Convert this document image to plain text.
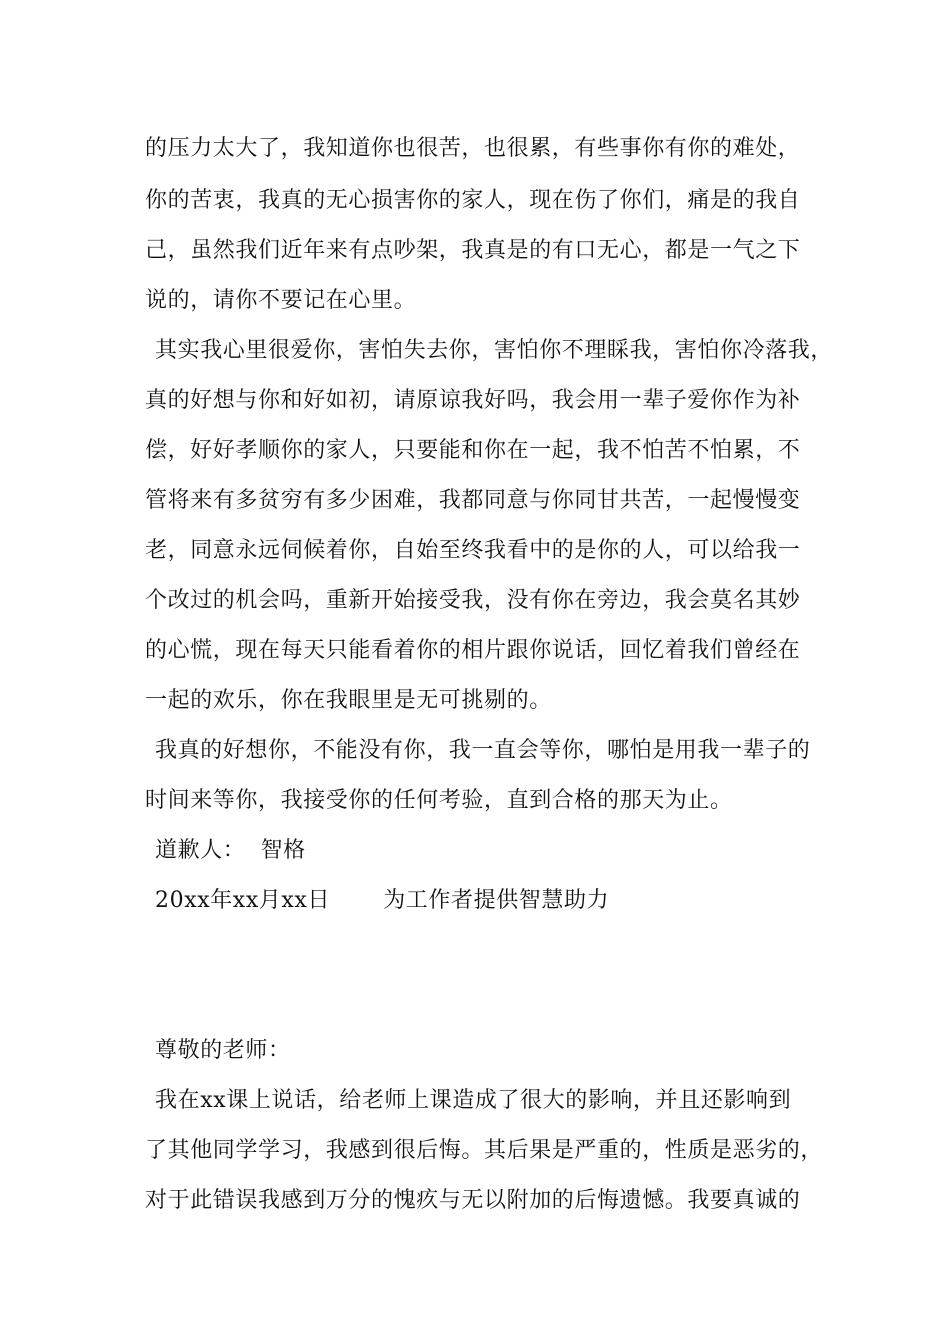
的压力太大了，我知道你也很苦，也很累，有些事你有你的难处，
你的苦衷，我真的无心损害你的家人，现在伤了你们，痛是的我自
己，虽然我们近年来有点吵架，我真是的有口无心，都是一气之下
说的，请你不要记在心里。
其实我心里很爱你，害怕失去你，害怕你不理睬我，害怕你冷落我，
真的好想与你和好如初，请原谅我好吗，我会用一辈子爱你作为补
偿，好好孝顺你的家人，只要能和你在一起，我不怕苦不怕累，不
管将来有多贫穷有多少困难，我都同意与你同甘共苦，一起慢慢变
老，同意永远伺候着你，自始至终我看中的是你的人，可以给我一
个改过的机会吗，重新开始接受我，没有你在旁边，我会莫名其妙
的心慌，现在每天只能看着你的相片跟你说话，回忆着我们曾经在
一起的欢乐，你在我眼里是无可挑剔的。
我真的好想你，不能没有你，我一直会等你，哪怕是用我一辈子的
时间来等你，我接受你的任何考验，直到合格的那天为止。
道歉人：  智格
20xx年xx月xx日       为工作者提供智慧助力
尊敬的老师：
我在xx课上说话，给老师上课造成了很大的影响，并且还影响到
了其他同学学习，我感到很后悔。其后果是严重的，性质是恶劣的，
对于此错误我感到万分的愧疚与无以附加的后悔遗憾。我要真诚的
